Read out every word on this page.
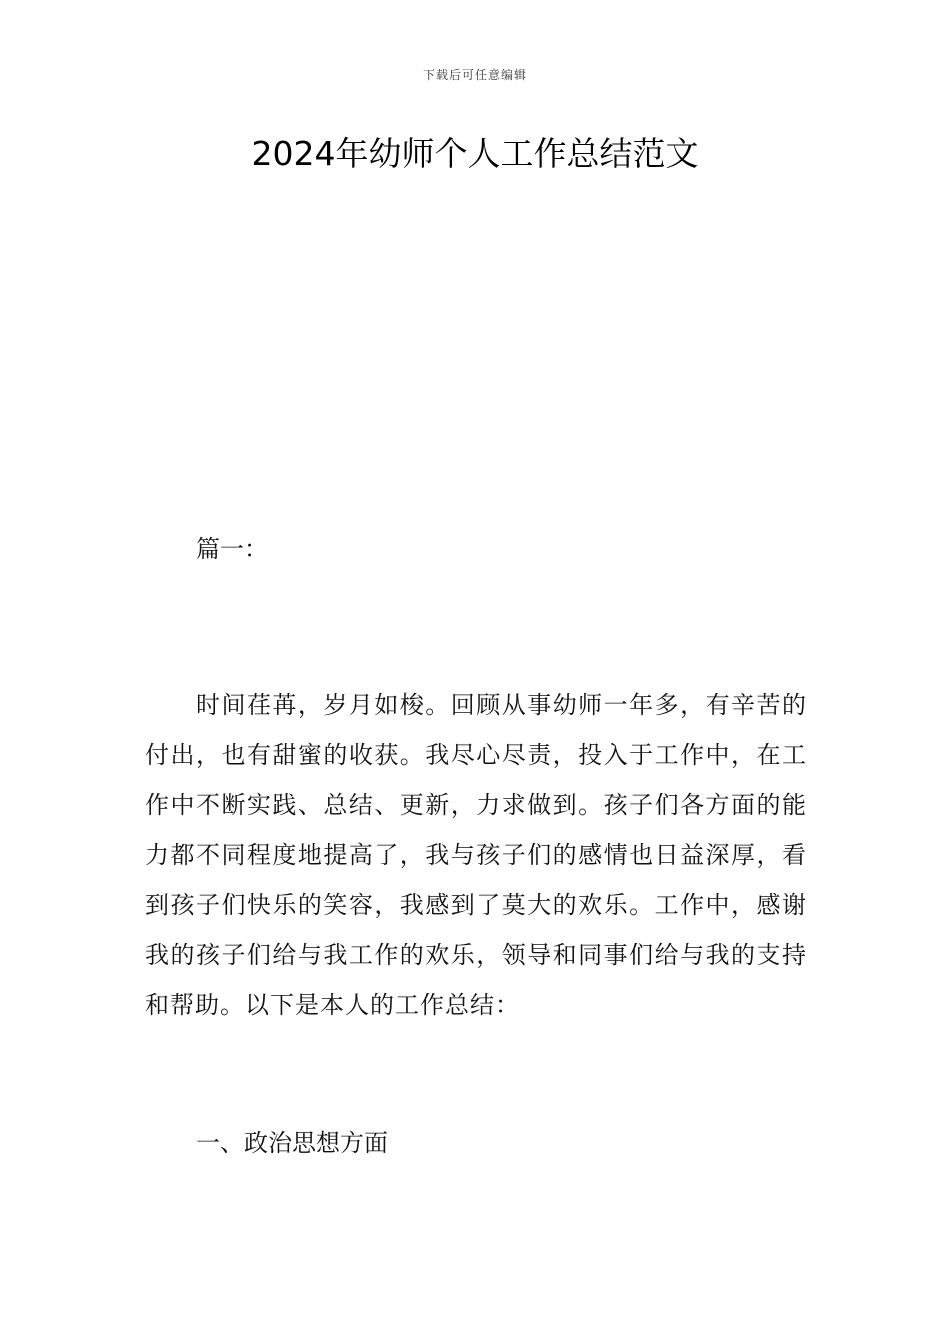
下载后可任意编辑
2024年幼师个人工作总结范文
篇一：

时间荏苒，岁月如梭。回顾从事幼师一年多，有辛苦的付出，也有甜蜜的收获。我尽心尽责，投入于工作中，在工作中不断实践、总结、更新，力求做到。孩子们各方面的能力都不同程度地提高了，我与孩子们的感情也日益深厚，看到孩子们快乐的笑容，我感到了莫大的欢乐。工作中，感谢我的孩子们给与我工作的欢乐，领导和同事们给与我的支持和帮助。以下是本人的工作总结：

一、政治思想方面
